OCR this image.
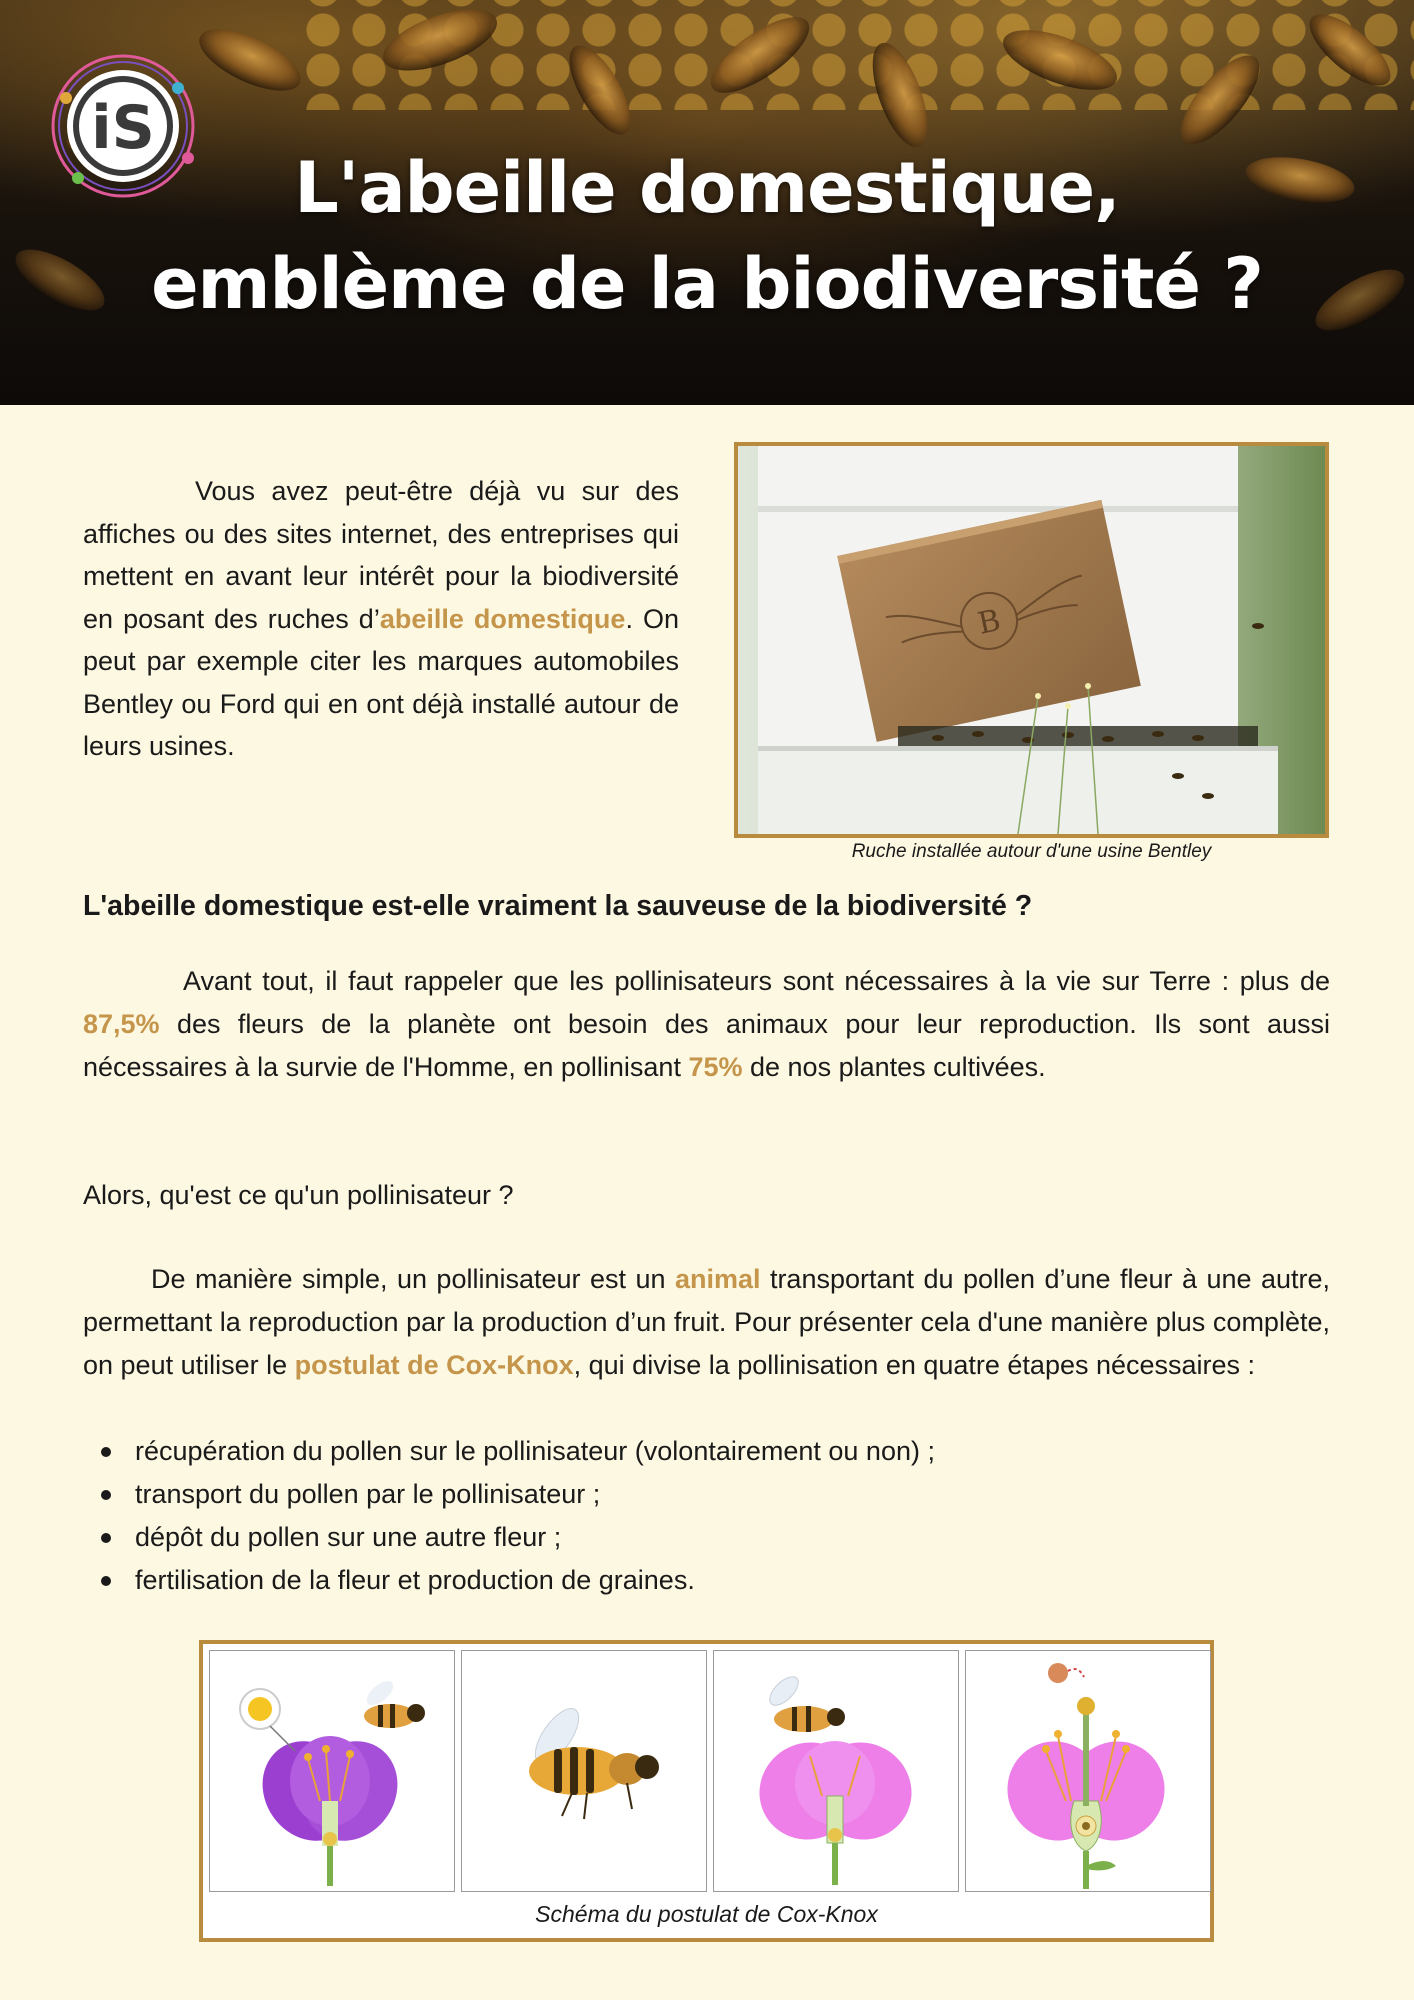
iS
L'abeille domestique,
emblème de la biodiversité ?

Vous avez peut-être déjà vu sur des affiches ou des sites internet, des entreprises qui mettent en avant leur intérêt pour la biodiversité en posant des ruches d’abeille domestique. On peut par exemple citer les marques automobiles Bentley ou Ford qui en ont déjà installé autour de leurs usines.

B
Ruche installée autour d'une usine Bentley
L'abeille domestique est-elle vraiment la sauveuse de la biodiversité ?

Avant tout, il faut rappeler que les pollinisateurs sont nécessaires à la vie sur Terre : plus de 87,5% des fleurs de la planète ont besoin des animaux pour leur reproduction. Ils sont aussi nécessaires à la survie de l'Homme, en pollinisant 75% de nos plantes cultivées.

Alors, qu'est ce qu'un pollinisateur ?

De manière simple, un pollinisateur est un animal transportant du pollen d’une fleur à une autre, permettant la reproduction par la production d’un fruit. Pour présenter cela d'une manière plus complète, on peut utiliser le postulat de Cox-Knox, qui divise la pollinisation en quatre étapes nécessaires :

récupération du pollen sur le pollinisateur (volontairement ou non) ;
transport du pollen par le pollinisateur ;
dépôt du pollen sur une autre fleur ;
fertilisation de la fleur et production de graines.
Schéma du postulat de Cox-Knox
